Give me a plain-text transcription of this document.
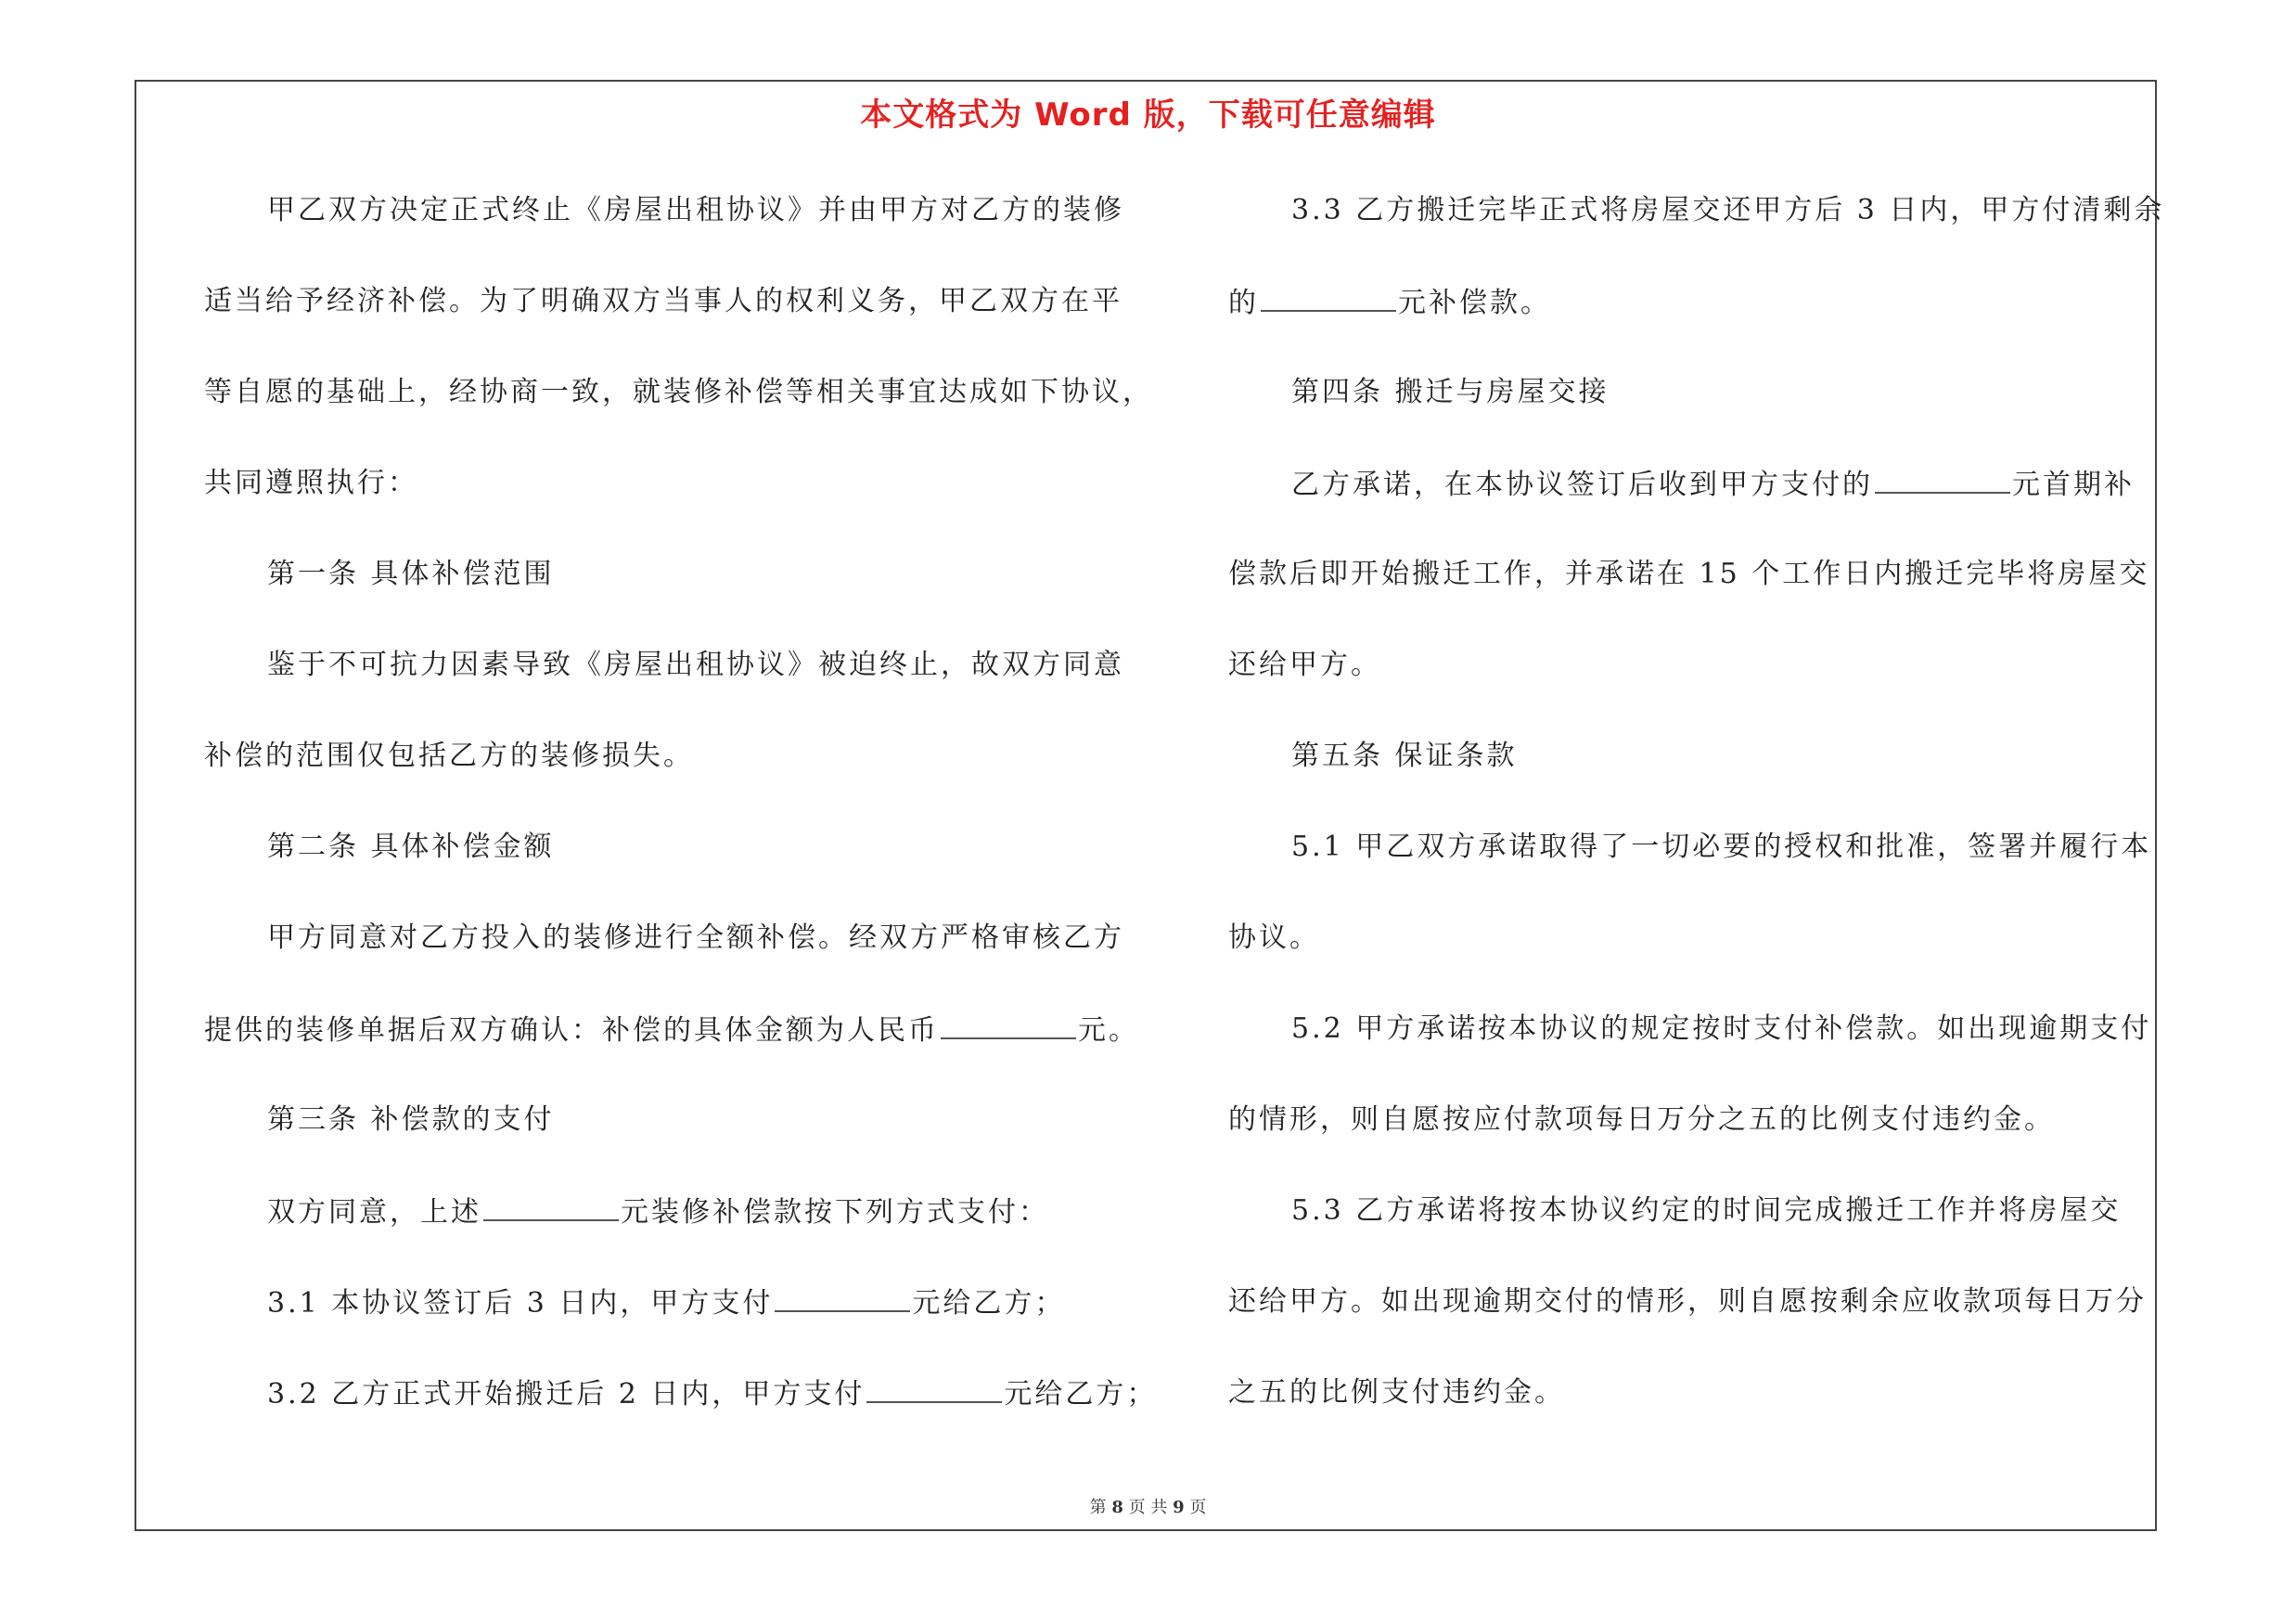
本文格式为 Word 版，下载可任意编辑
甲乙双方决定正式终止《房屋出租协议》并由甲方对乙方的装修
适当给予经济补偿。为了明确双方当事人的权利义务，甲乙双方在平
等自愿的基础上，经协商一致，就装修补偿等相关事宜达成如下协议，
共同遵照执行：
第一条 具体补偿范围
鉴于不可抗力因素导致《房屋出租协议》被迫终止，故双方同意
补偿的范围仅包括乙方的装修损失。
第二条 具体补偿金额
甲方同意对乙方投入的装修进行全额补偿。经双方严格审核乙方
提供的装修单据后双方确认：补偿的具体金额为人民币	元。
第三条 补偿款的支付
双方同意，上述	元装修补偿款按下列方式支付：
3.1 本协议签订后 3 日内，甲方支付	元给乙方；
3.2 乙方正式开始搬迁后 2 日内，甲方支付	元给乙方；
3.3 乙方搬迁完毕正式将房屋交还甲方后 3 日内，甲方付清剩余
的	元补偿款。
第四条 搬迁与房屋交接
乙方承诺，在本协议签订后收到甲方支付的	元首期补
偿款后即开始搬迁工作，并承诺在 15 个工作日内搬迁完毕将房屋交
还给甲方。
第五条 保证条款
5.1 甲乙双方承诺取得了一切必要的授权和批准，签署并履行本
协议。
5.2 甲方承诺按本协议的规定按时支付补偿款。如出现逾期支付
的情形，则自愿按应付款项每日万分之五的比例支付违约金。
5.3 乙方承诺将按本协议约定的时间完成搬迁工作并将房屋交
还给甲方。如出现逾期交付的情形，则自愿按剩余应收款项每日万分
之五的比例支付违约金。
第 8 页 共 9 页
